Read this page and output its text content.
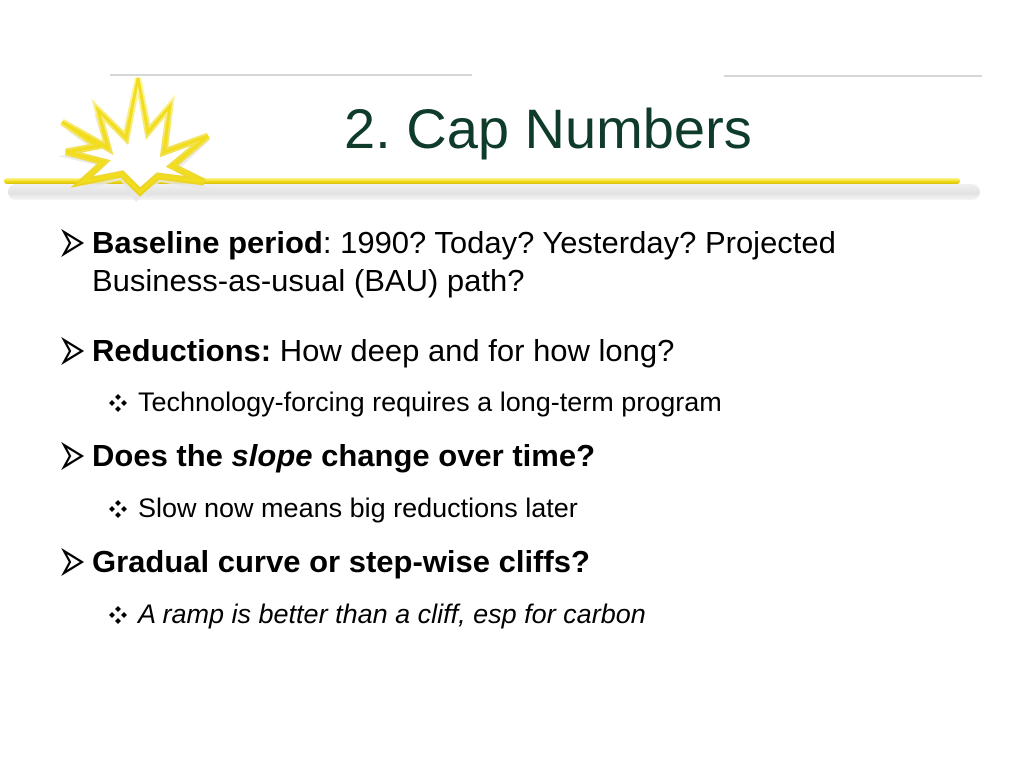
2. Cap Numbers
Baseline period: 1990? Today? Yesterday? Projected Business-as-usual (BAU) path?
Reductions: How deep and for how long?
Technology-forcing requires a long-term program
Does the slope change over time?
Slow now means big reductions later
Gradual curve or step-wise cliffs?
A ramp is better than a cliff, esp for carbon
